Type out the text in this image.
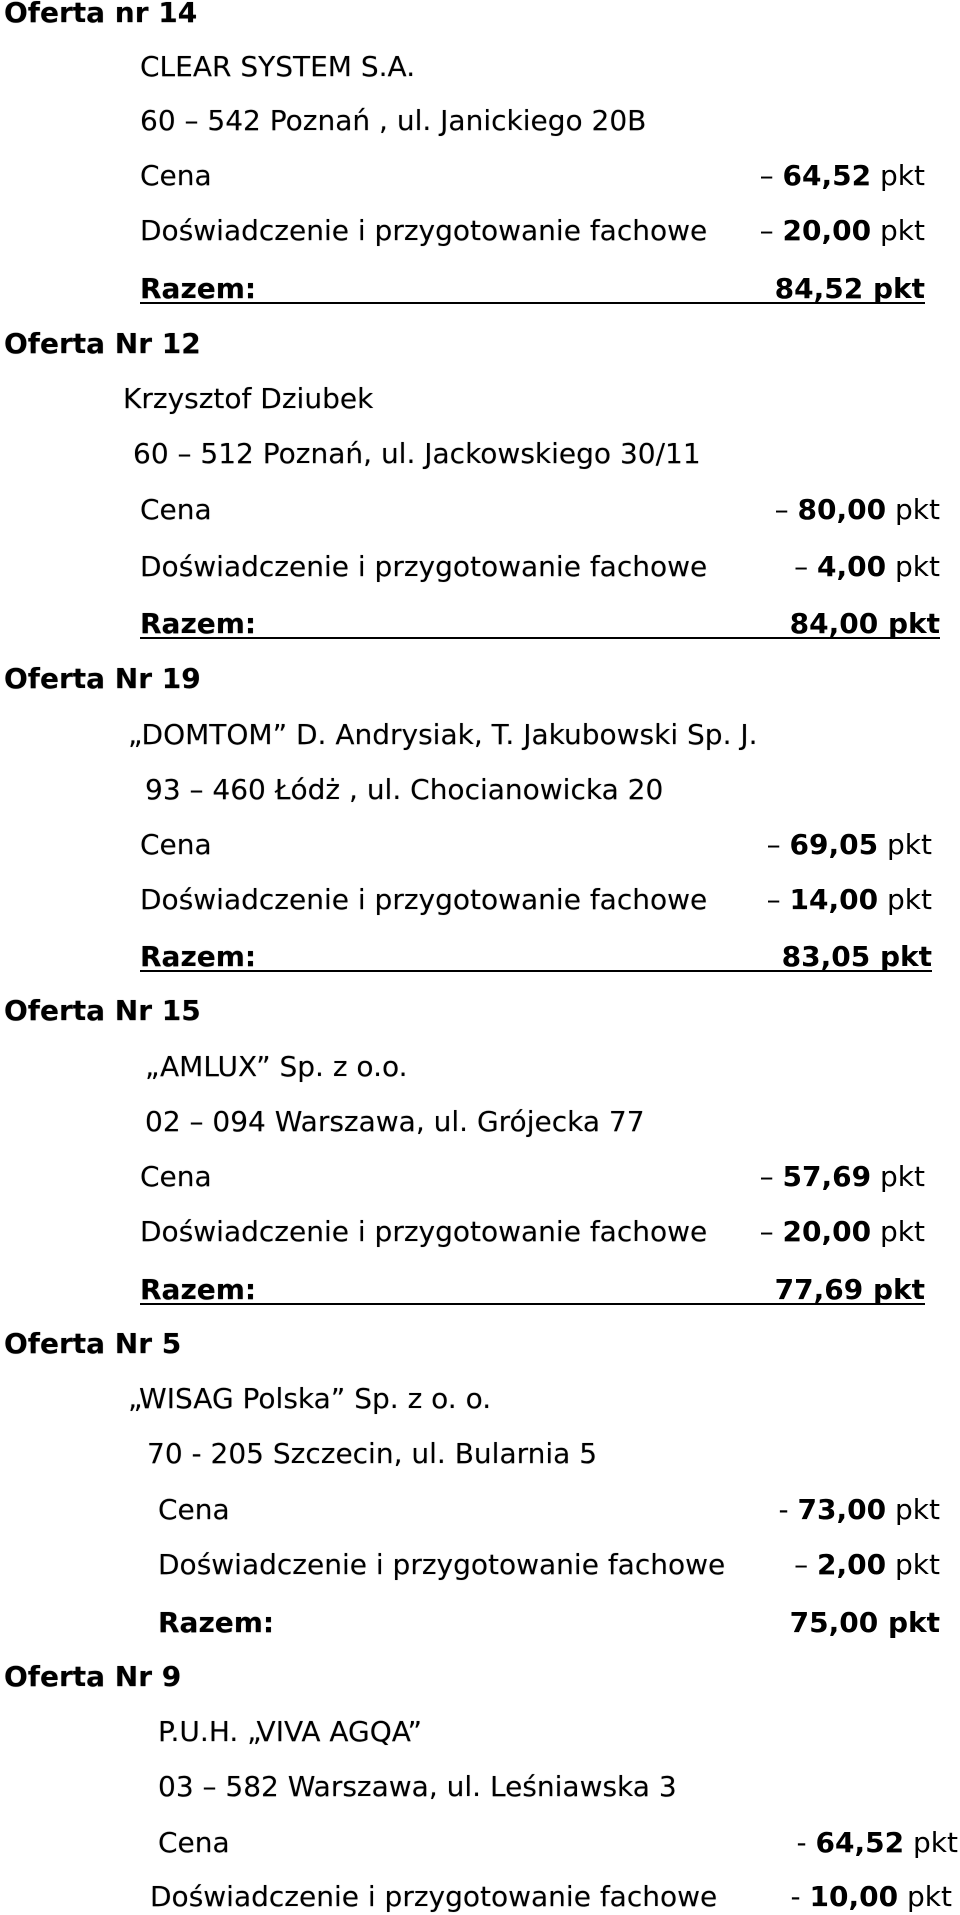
Oferta nr 14
CLEAR SYSTEM S.A.
60 – 542 Poznań , ul. Janickiego 20B
Cena	– 64,52 pkt
Doświadczenie i przygotowanie fachowe – 20,00 pkt
Razem:	84,52 pkt
Oferta Nr 12
Krzysztof Dziubek
60 – 512 Poznań, ul. Jackowskiego 30/11
Cena	– 80,00 pkt
Doświadczenie i przygotowanie fachowe	– 4,00 pkt
Razem:	84,00 pkt
Oferta Nr 19
„DOMTOM” D. Andrysiak, T. Jakubowski Sp. J.
93 – 460 Łódż , ul. Chocianowicka 20
Cena	– 69,05 pkt
Doświadczenie i przygotowanie fachowe – 14,00 pkt
Razem:	83,05 pkt
Oferta Nr 15
„AMLUX” Sp. z o.o.
02 – 094 Warszawa, ul. Grójecka 77
Cena	– 57,69 pkt
Doświadczenie i przygotowanie fachowe – 20,00 pkt
Razem:	77,69 pkt
Oferta Nr 5
„WISAG Polska” Sp. z o. o.
70 - 205 Szczecin, ul. Bularnia 5
Cena	- 73,00 pkt
Doświadczenie i przygotowanie fachowe – 2,00 pkt
Razem:	75,00 pkt
Oferta Nr 9
P.U.H. „VIVA AGQA”
03 – 582 Warszawa, ul. Leśniawska 3
Cena	- 64,52 pkt
Doświadczenie i przygotowanie fachowe	- 10,00 pkt
